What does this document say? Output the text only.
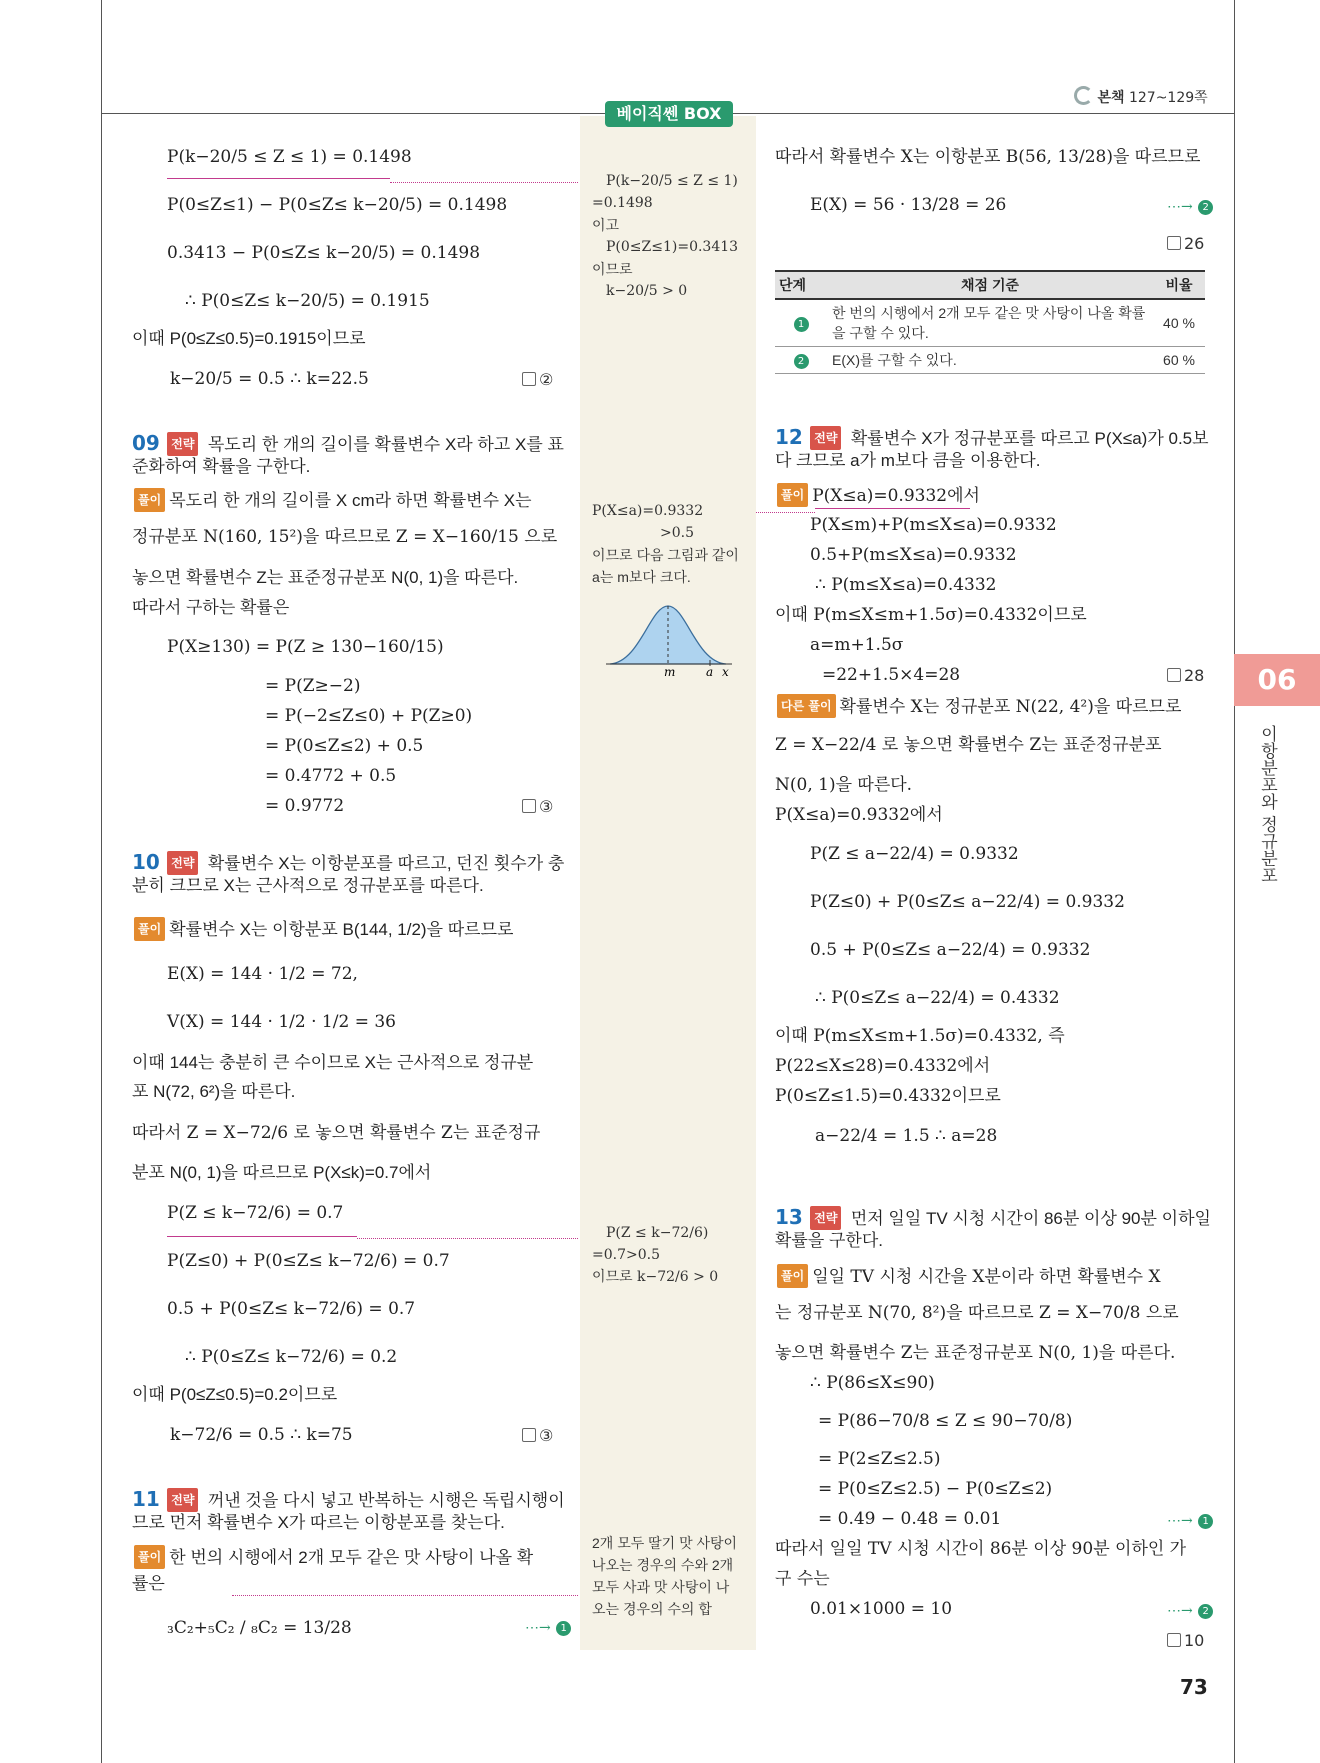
본책 127~129쪽
베이직쎈 BOX
P(k−20/5 ≤ Z ≤ 1) = 0.1498
P(0≤Z≤1) − P(0≤Z≤ k−20/5) = 0.1498
0.3413 − P(0≤Z≤ k−20/5) = 0.1498
∴ P(0≤Z≤ k−20/5) = 0.1915
이때 P(0≤Z≤0.5)=0.1915이므로
k−20/5 = 0.5 ∴ k=22.5	②
09 전략 목도리 한 개의 길이를 확률변수 X라 하고 X를 표준화하여 확률을 구한다.
풀이 목도리 한 개의 길이를 X cm라 하면 확률변수 X는
정규분포 N(160, 15²)을 따르므로 Z = X−160/15 으로
놓으면 확률변수 Z는 표준정규분포 N(0, 1)을 따른다.
따라서 구하는 확률은
P(X≥130) = P(Z ≥ 130−160/15)
= P(Z≥−2)
= P(−2≤Z≤0) + P(Z≥0)
= P(0≤Z≤2) + 0.5
= 0.4772 + 0.5
= 0.9772	③
10 전략 확률변수 X는 이항분포를 따르고, 던진 횟수가 충분히 크므로 X는 근사적으로 정규분포를 따른다.
풀이 확률변수 X는 이항분포 B(144, 1/2)을 따르므로
E(X) = 144 · 1/2 = 72,
V(X) = 144 · 1/2 · 1/2 = 36
이때 144는 충분히 큰 수이므로 X는 근사적으로 정규분
포 N(72, 6²)을 따른다.
따라서 Z = X−72/6 로 놓으면 확률변수 Z는 표준정규
분포 N(0, 1)을 따르므로 P(X≤k)=0.7에서
P(Z ≤ k−72/6) = 0.7
P(Z≤0) + P(0≤Z≤ k−72/6) = 0.7
0.5 + P(0≤Z≤ k−72/6) = 0.7
∴ P(0≤Z≤ k−72/6) = 0.2
이때 P(0≤Z≤0.5)=0.2이므로
k−72/6 = 0.5 ∴ k=75	③
11 전략 꺼낸 것을 다시 넣고 반복하는 시행은 독립시행이므로 먼저 확률변수 X가 따르는 이항분포를 찾는다.
풀이 한 번의 시행에서 2개 모두 같은 맛 사탕이 나올 확
률은
₃C₂+₅C₂ / ₈C₂ = 13/28	⋯→ 1
P(k−20/5 ≤ Z ≤ 1)
=0.1498
이고
P(0≤Z≤1)=0.3413
이므로
k−20/5 > 0
P(X≤a)=0.9332
>0.5
이므로 다음 그림과 같이
a는 m보다 크다.
m	a x
P(Z ≤ k−72/6)
=0.7>0.5
이므로 k−72/6 > 0
2개 모두 딸기 맛 사탕이
나오는 경우의 수와 2개
모두 사과 맛 사탕이 나
오는 경우의 수의 합
따라서 확률변수 X는 이항분포 B(56, 13/28)을 따르므로
E(X) = 56 · 13/28 = 26	⋯→ 2
26
단계	채점 기준	비율
1	한 번의 시행에서 2개 모두 같은 맛 사탕이 나올 확률을 구할 수 있다.	40 %
2	E(X)를 구할 수 있다.	60 %
12 전략 확률변수 X가 정규분포를 따르고 P(X≤a)가 0.5보다 크므로 a가 m보다 큼을 이용한다.
풀이 P(X≤a)=0.9332에서
P(X≤m)+P(m≤X≤a)=0.9332
0.5+P(m≤X≤a)=0.9332
∴ P(m≤X≤a)=0.4332
이때 P(m≤X≤m+1.5σ)=0.4332이므로
a=m+1.5σ
=22+1.5×4=28	28
다른 풀이 확률변수 X는 정규분포 N(22, 4²)을 따르므로
Z = X−22/4 로 놓으면 확률변수 Z는 표준정규분포
N(0, 1)을 따른다.
P(X≤a)=0.9332에서
P(Z ≤ a−22/4) = 0.9332
P(Z≤0) + P(0≤Z≤ a−22/4) = 0.9332
0.5 + P(0≤Z≤ a−22/4) = 0.9332
∴ P(0≤Z≤ a−22/4) = 0.4332
이때 P(m≤X≤m+1.5σ)=0.4332, 즉
P(22≤X≤28)=0.4332에서
P(0≤Z≤1.5)=0.4332이므로
a−22/4 = 1.5 ∴ a=28
13 전략 먼저 일일 TV 시청 시간이 86분 이상 90분 이하일 확률을 구한다.
풀이 일일 TV 시청 시간을 X분이라 하면 확률변수 X
는 정규분포 N(70, 8²)을 따르므로 Z = X−70/8 으로
놓으면 확률변수 Z는 표준정규분포 N(0, 1)을 따른다.
∴ P(86≤X≤90)
= P(86−70/8 ≤ Z ≤ 90−70/8)
= P(2≤Z≤2.5)
= P(0≤Z≤2.5) − P(0≤Z≤2)
= 0.49 − 0.48 = 0.01	⋯→ 1
따라서 일일 TV 시청 시간이 86분 이상 90분 이하인 가
구 수는
0.01×1000 = 10	⋯→ 2
10
06
이항분포와 정규분포
73
